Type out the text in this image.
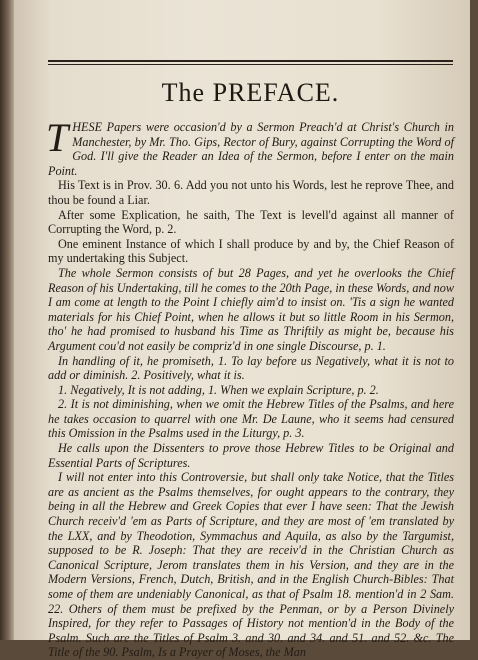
The PREFACE.

THESE Papers were occasion'd by a Sermon Preach'd at Christ's Church in Manchester, by Mr. Tho. Gips, Rector of Bury, against Corrupting the Word of God. I'll give the Reader an Idea of the Sermon, before I enter on the main Point.

His Text is in Prov. 30. 6. Add you not unto his Words, lest he reprove Thee, and thou be found a Liar.

After some Explication, he saith, The Text is levell'd against all manner of Corrupting the Word, p. 2.

One eminent Instance of which I shall produce by and by, the Chief Reason of my undertaking this Subject.

The whole Sermon consists of but 28 Pages, and yet he overlooks the Chief Reason of his Undertaking, till he comes to the 20th Page, in these Words, and now I am come at length to the Point I chiefly aim'd to insist on. 'Tis a sign he wanted materials for his Chief Point, when he allows it but so little Room in his Sermon, tho' he had promised to husband his Time as Thriftily as might be, because his Argument cou'd not easily be compriz'd in one single Discourse, p. 1.

In handling of it, he promiseth, 1. To lay before us Negatively, what it is not to add or diminish. 2. Positively, what it is.

1. Negatively, It is not adding, 1. When we explain Scripture, p. 2.

2. It is not diminishing, when we omit the Hebrew Titles of the Psalms, and here he takes occasion to quarrel with one Mr. De Laune, who it seems had censured this Omission in the Psalms used in the Liturgy, p. 3.

He calls upon the Dissenters to prove those Hebrew Titles to be Original and Essential Parts of Scriptures.

I will not enter into this Controversie, but shall only take Notice, that the Titles are as ancient as the Psalms themselves, for ought appears to the contrary, they being in all the Hebrew and Greek Copies that ever I have seen: That the Jewish Church receiv'd 'em as Parts of Scripture, and they are most of 'em translated by the LXX, and by Theodotion, Symmachus and Aquila, as also by the Targumist, supposed to be R. Joseph: That they are receiv'd in the Christian Church as Canonical Scripture, Jerom translates them in his Version, and they are in the Modern Versions, French, Dutch, British, and in the English Church-Bibles: That some of them are undeniably Canonical, as that of Psalm 18. mention'd in 2 Sam. 22. Others of them must be prefixed by the Penman, or by a Person Divinely Inspired, for they refer to Passages of History not mention'd in the Body of the Psalm. Such are the Titles of Psalm 3. and 30. and 34. and 51. and 52. &c. The Title of the 90. Psalm, Is a Prayer of Moses, the Man
